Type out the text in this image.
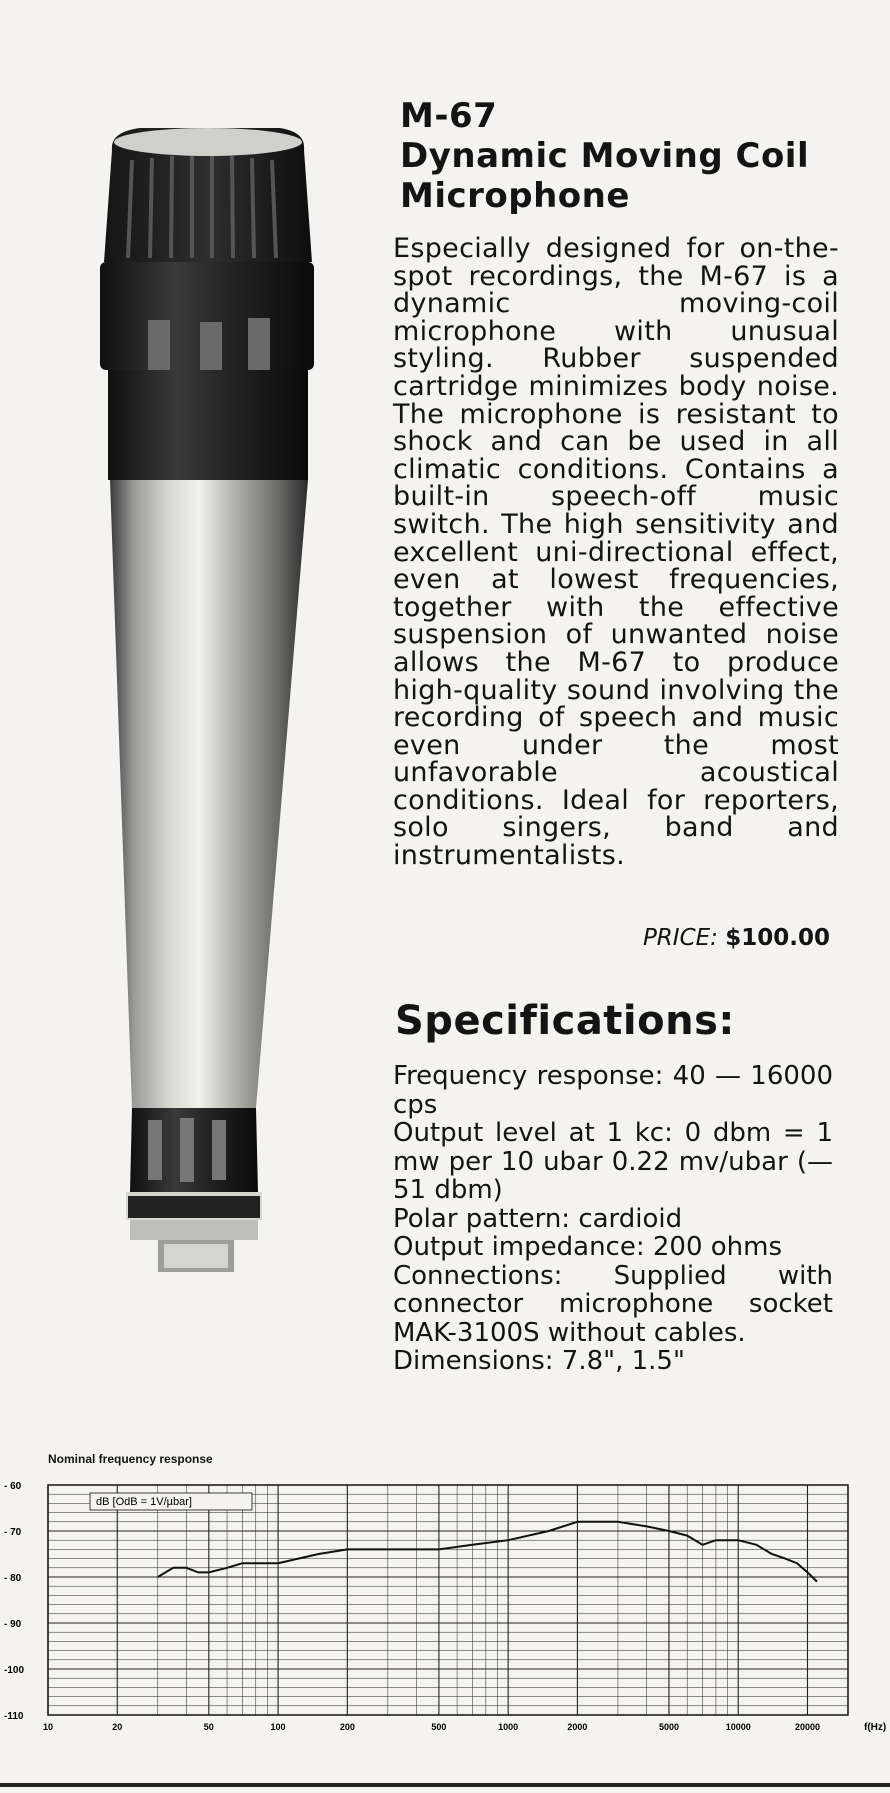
M-67
Dynamic Moving Coil
Microphone

Especially designed for on-the-spot recordings, the M-67 is a dynamic moving-coil microphone with unusual styling. Rubber suspended cartridge minimizes body noise. The microphone is resistant to shock and can be used in all climatic conditions. Contains a built-in speech-off music switch. The high sensitivity and excellent uni-directional effect, even at lowest frequencies, together with the effective suspension of unwanted noise allows the M-67 to produce high-quality sound involving the recording of speech and music even under the most unfavorable acoustical conditions. Ideal for reporters, solo singers, band and instrumentalists.

PRICE: $100.00
Specifications:
Frequency response: 40 — 16000 cps
Output level at 1 kc: 0 dbm = 1 mw per 10 ubar 0.22 mv/ubar (—51 dbm)
Polar pattern: cardioid
Output impedance: 200 ohms
Connections: Supplied with connector microphone socket MAK-3100S without cables.
Dimensions: 7.8", 1.5"
Nominal frequency response
- 60
- 70
- 80
- 90
-100
-110
10	20	50	100	200	500	1000	2000	5000	10000	20000
dB [OdB = 1V/µbar]
f(Hz)
